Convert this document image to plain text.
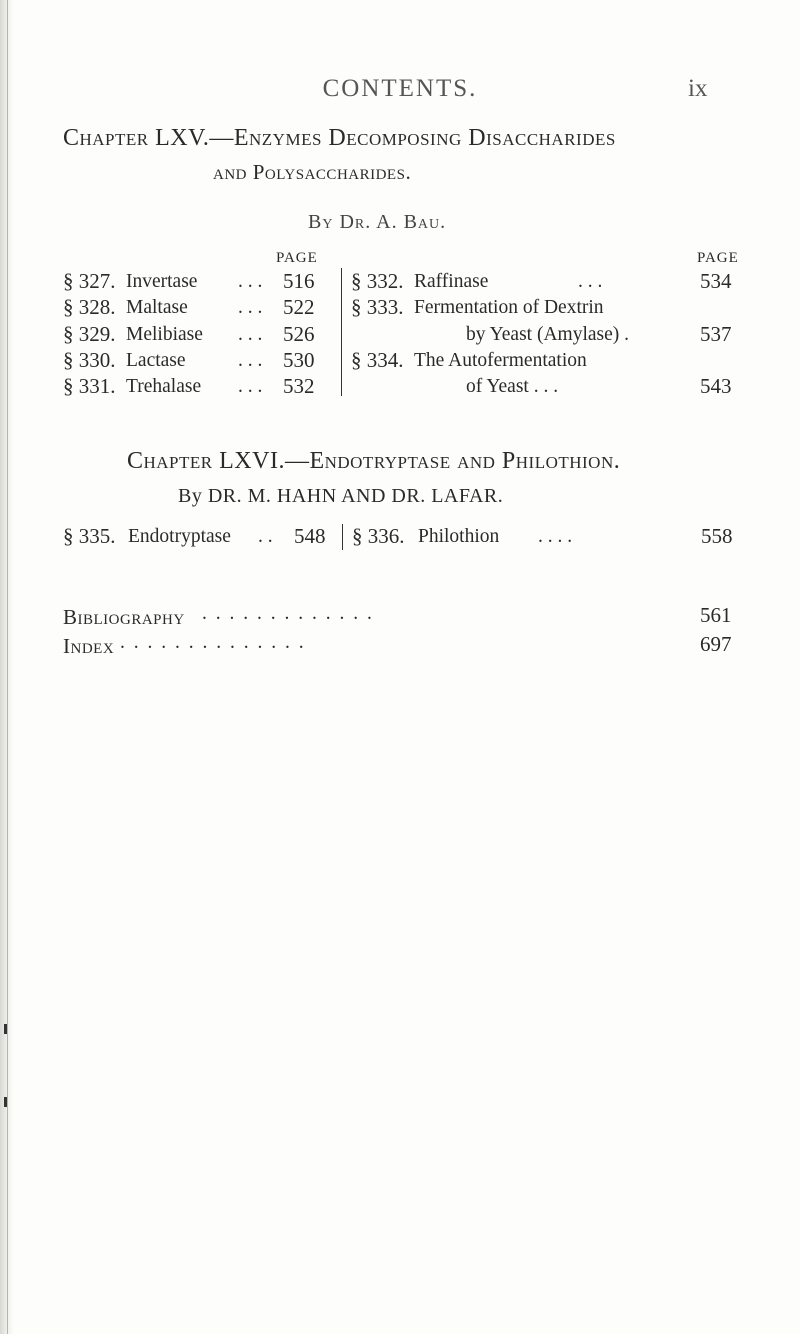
CONTENTS.	ix
Chapter LXV.—Enzymes Decomposing Disaccharides
and Polysaccharides.
By Dr. A. Bau.
PAGE	PAGE
§ 327. Invertase . . . 516
§ 328. Maltase	. . . 522
§ 329. Melibiase . . . 526
§ 330. Lactase	. . . 530
§ 331. Trehalase . . . 532
§ 332. Raffinase	. . .	534
§ 333. Fermentation of Dextrin
by Yeast (Amylase) .	537
§ 334. The Autofermentation
of Yeast . . .	543
Chapter LXVI.—Endotryptase and Philothion.
By DR. M. HAHN AND DR. LAFAR.
§ 335. Endotryptase . . 548 § 336. Philothion . . . .	558
Bibliography . . . . . . . . . . . . .	561
Index . . . . . . . . . . . . . .	697
